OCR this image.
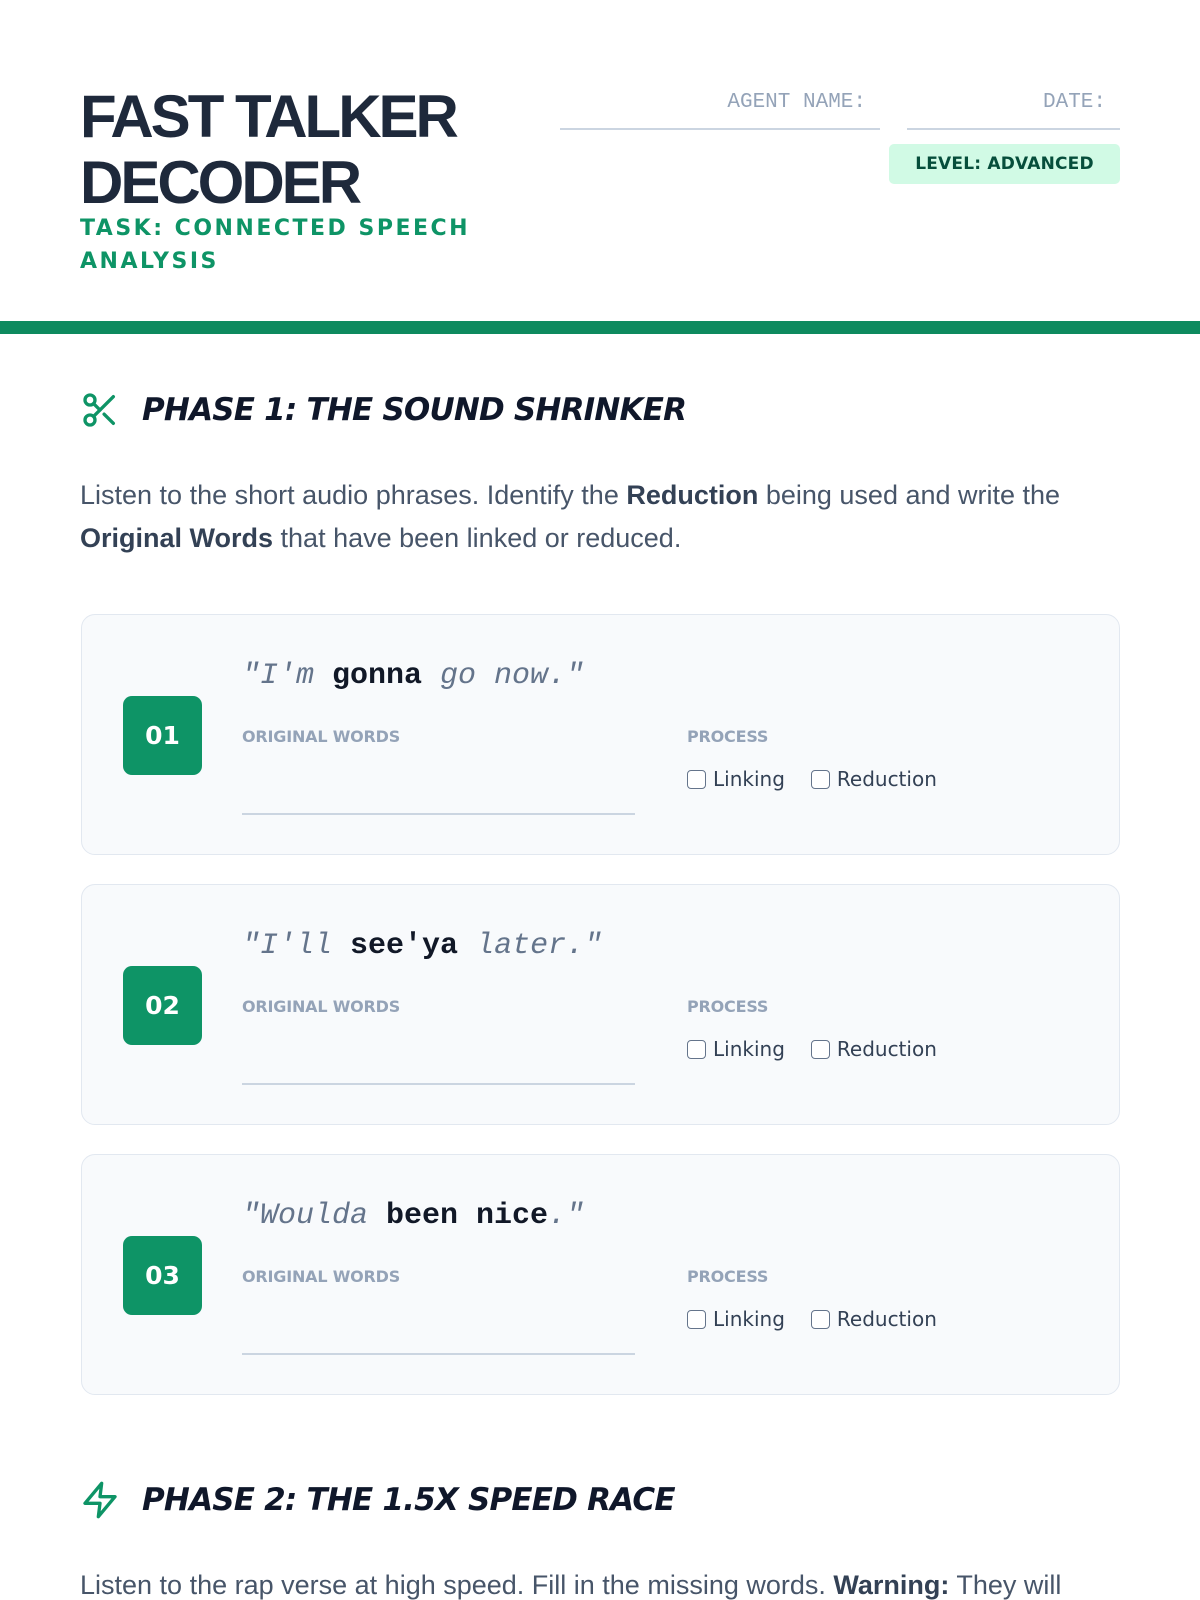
FAST TALKER DECODER
TASK: CONNECTED SPEECH ANALYSIS
AGENT NAME:	DATE:
LEVEL: ADVANCED
PHASE 1: THE SOUND SHRINKER
Listen to the short audio phrases. Identify the Reduction being used and write the Original Words that have been linked or reduced.
01
"I'm gonna go now."
ORIGINAL WORDS	PROCESS
Linking	Reduction
02
"I'll see'ya later."
ORIGINAL WORDS	PROCESS
Linking	Reduction
03
"Woulda been nice."
ORIGINAL WORDS	PROCESS
Linking	Reduction
PHASE 2: THE 1.5X SPEED RACE
Listen to the rap verse at high speed. Fill in the missing words. Warning: They will
